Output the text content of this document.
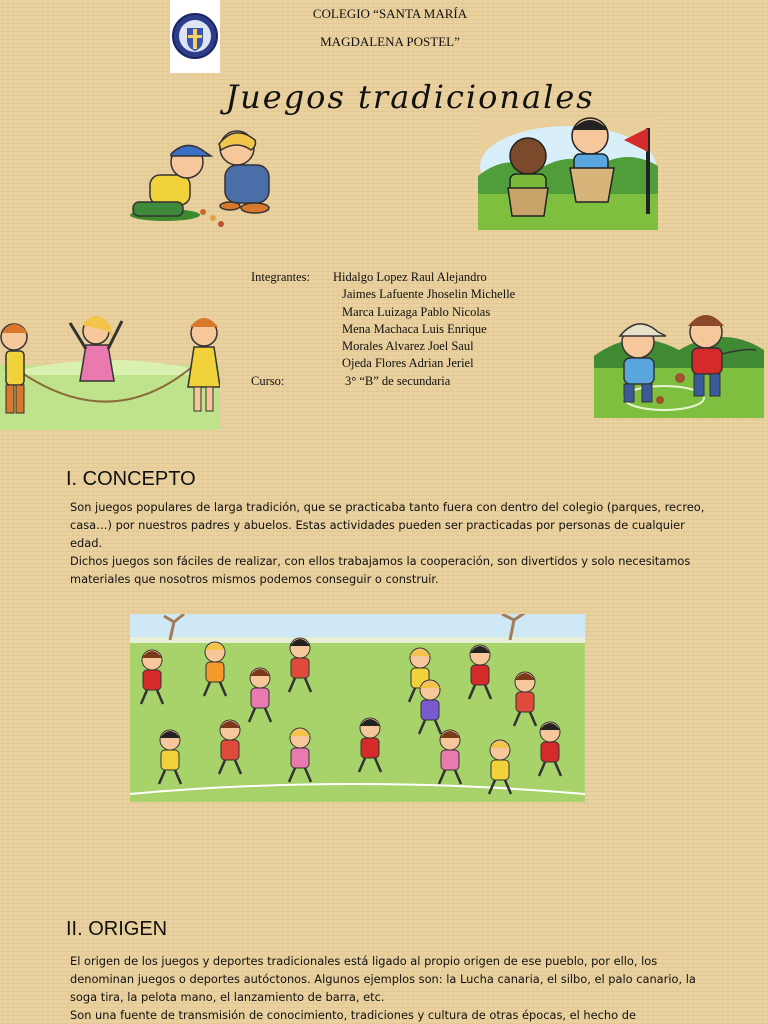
COLEGIO “SANTA MARÍA
MAGDALENA POSTEL”
Juegos tradicionales
Integrantes:	Hidalgo Lopez Raul Alejandro
Jaimes Lafuente Jhoselin Michelle
Marca Luizaga Pablo Nicolas
Mena Machaca Luis Enrique
Morales Alvarez Joel Saul
Ojeda Flores Adrian Jeriel
Curso:	3° “B” de secundaria
I. CONCEPTO

Son juegos populares de larga tradición, que se practicaba tanto fuera con dentro del colegio (parques, recreo, casa…) por nuestros padres y abuelos. Estas actividades pueden ser practicadas por personas de cualquier edad.

Dichos juegos son fáciles de realizar, con ellos trabajamos la cooperación, son divertidos y solo necesitamos materiales que nosotros mismos podemos conseguir o construir.

II. ORIGEN

El origen de los juegos y deportes tradicionales está ligado al propio origen de ese pueblo, por ello, los denominan juegos o deportes autóctonos. Algunos ejemplos son: la Lucha canaria, el silbo, el palo canario, la soga tira, la pelota mano, el lanzamiento de barra, etc.

Son una fuente de transmisión de conocimiento, tradiciones y cultura de otras épocas, el hecho de
